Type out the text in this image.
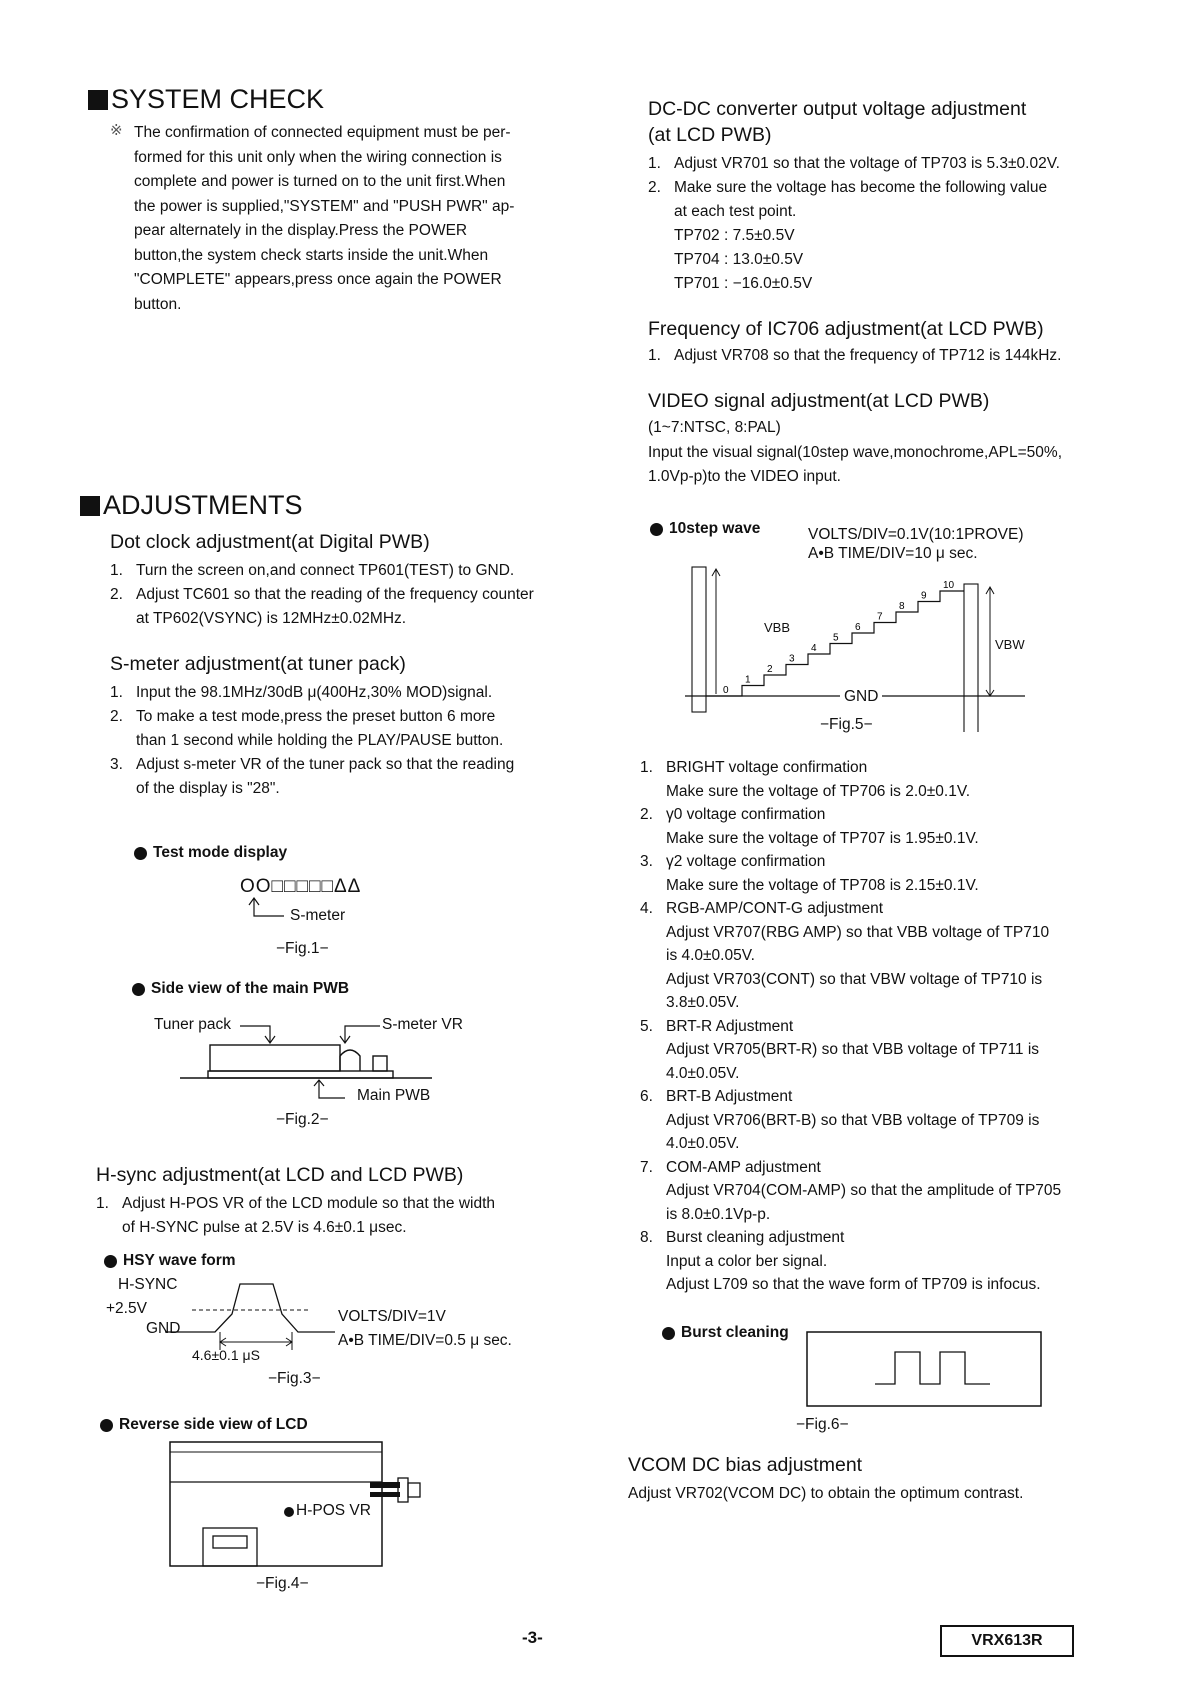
SYSTEM CHECK
※ The confirmation of connected equipment must be per-
formed for this unit only when the wiring connection is
complete and power is turned on to the unit first.When
the power is supplied,"SYSTEM" and "PUSH PWR" ap-
pear alternately in the display.Press the POWER
button,the system check starts inside the unit.When
"COMPLETE" appears,press once again the POWER
button.
ADJUSTMENTS
Dot clock adjustment(at Digital PWB)
1. Turn the screen on,and connect TP601(TEST) to GND.
2. Adjust TC601 so that the reading of the frequency counter
at TP602(VSYNC) is 12MHz±0.02MHz.
S-meter adjustment(at tuner pack)
1. Input the 98.1MHz/30dB μ(400Hz,30% MOD)signal.
2. To make a test mode,press the preset button 6 more
than 1 second while holding the PLAY/PAUSE button.
3. Adjust s-meter VR of the tuner pack so that the reading
of the display is "28".
Test mode display
OO□□□□□ΔΔ
S-meter
−Fig.1−
Side view of the main PWB
Tuner pack	S-meter VR
Main PWB
−Fig.2−
H-sync adjustment(at LCD and LCD PWB)
1. Adjust H-POS VR of the LCD module so that the width
of H-SYNC pulse at 2.5V is 4.6±0.1 μsec.
HSY wave form
H-SYNC
+2.5V
GND
4.6±0.1 μS
VOLTS/DIV=1V
A•B TIME/DIV=0.5 μ sec.
−Fig.3−
Reverse side view of LCD
H-POS VR
−Fig.4−
DC-DC converter output voltage adjustment
(at LCD PWB)
1. Adjust VR701 so that the voltage of TP703 is 5.3±0.02V.
2. Make sure the voltage has become the following value
at each test point.
TP702 : 7.5±0.5V
TP704 : 13.0±0.5V
TP701 : −16.0±0.5V
Frequency of IC706 adjustment(at LCD PWB)
1. Adjust VR708 so that the frequency of TP712 is 144kHz.
VIDEO signal adjustment(at LCD PWB)
(1~7:NTSC, 8:PAL)
Input the visual signal(10step wave,monochrome,APL=50%,
1.0Vp-p)to the VIDEO input.
10step wave	VOLTS/DIV=0.1V(10:1PROVE)
A•B TIME/DIV=10 μ sec.
0
1
2
3
4
5
6
7
8
9
10
VBB
VBW
GND
−Fig.5−
1. BRIGHT voltage confirmation
Make sure the voltage of TP706 is 2.0±0.1V.
2. γ0 voltage confirmation
Make sure the voltage of TP707 is 1.95±0.1V.
3. γ2 voltage confirmation
Make sure the voltage of TP708 is 2.15±0.1V.
4. RGB-AMP/CONT-G adjustment
Adjust VR707(RBG AMP) so that VBB voltage of TP710
is 4.0±0.05V.
Adjust VR703(CONT) so that VBW voltage of TP710 is
3.8±0.05V.
5. BRT-R Adjustment
Adjust VR705(BRT-R) so that VBB voltage of TP711 is
4.0±0.05V.
6. BRT-B Adjustment
Adjust VR706(BRT-B) so that VBB voltage of TP709 is
4.0±0.05V.
7. COM-AMP adjustment
Adjust VR704(COM-AMP) so that the amplitude of TP705
is 8.0±0.1Vp-p.
8. Burst cleaning adjustment
Input a color ber signal.
Adjust L709 so that the wave form of TP709 is infocus.
Burst cleaning
−Fig.6−
VCOM DC bias adjustment
Adjust VR702(VCOM DC) to obtain the optimum contrast.
-3-	VRX613R
